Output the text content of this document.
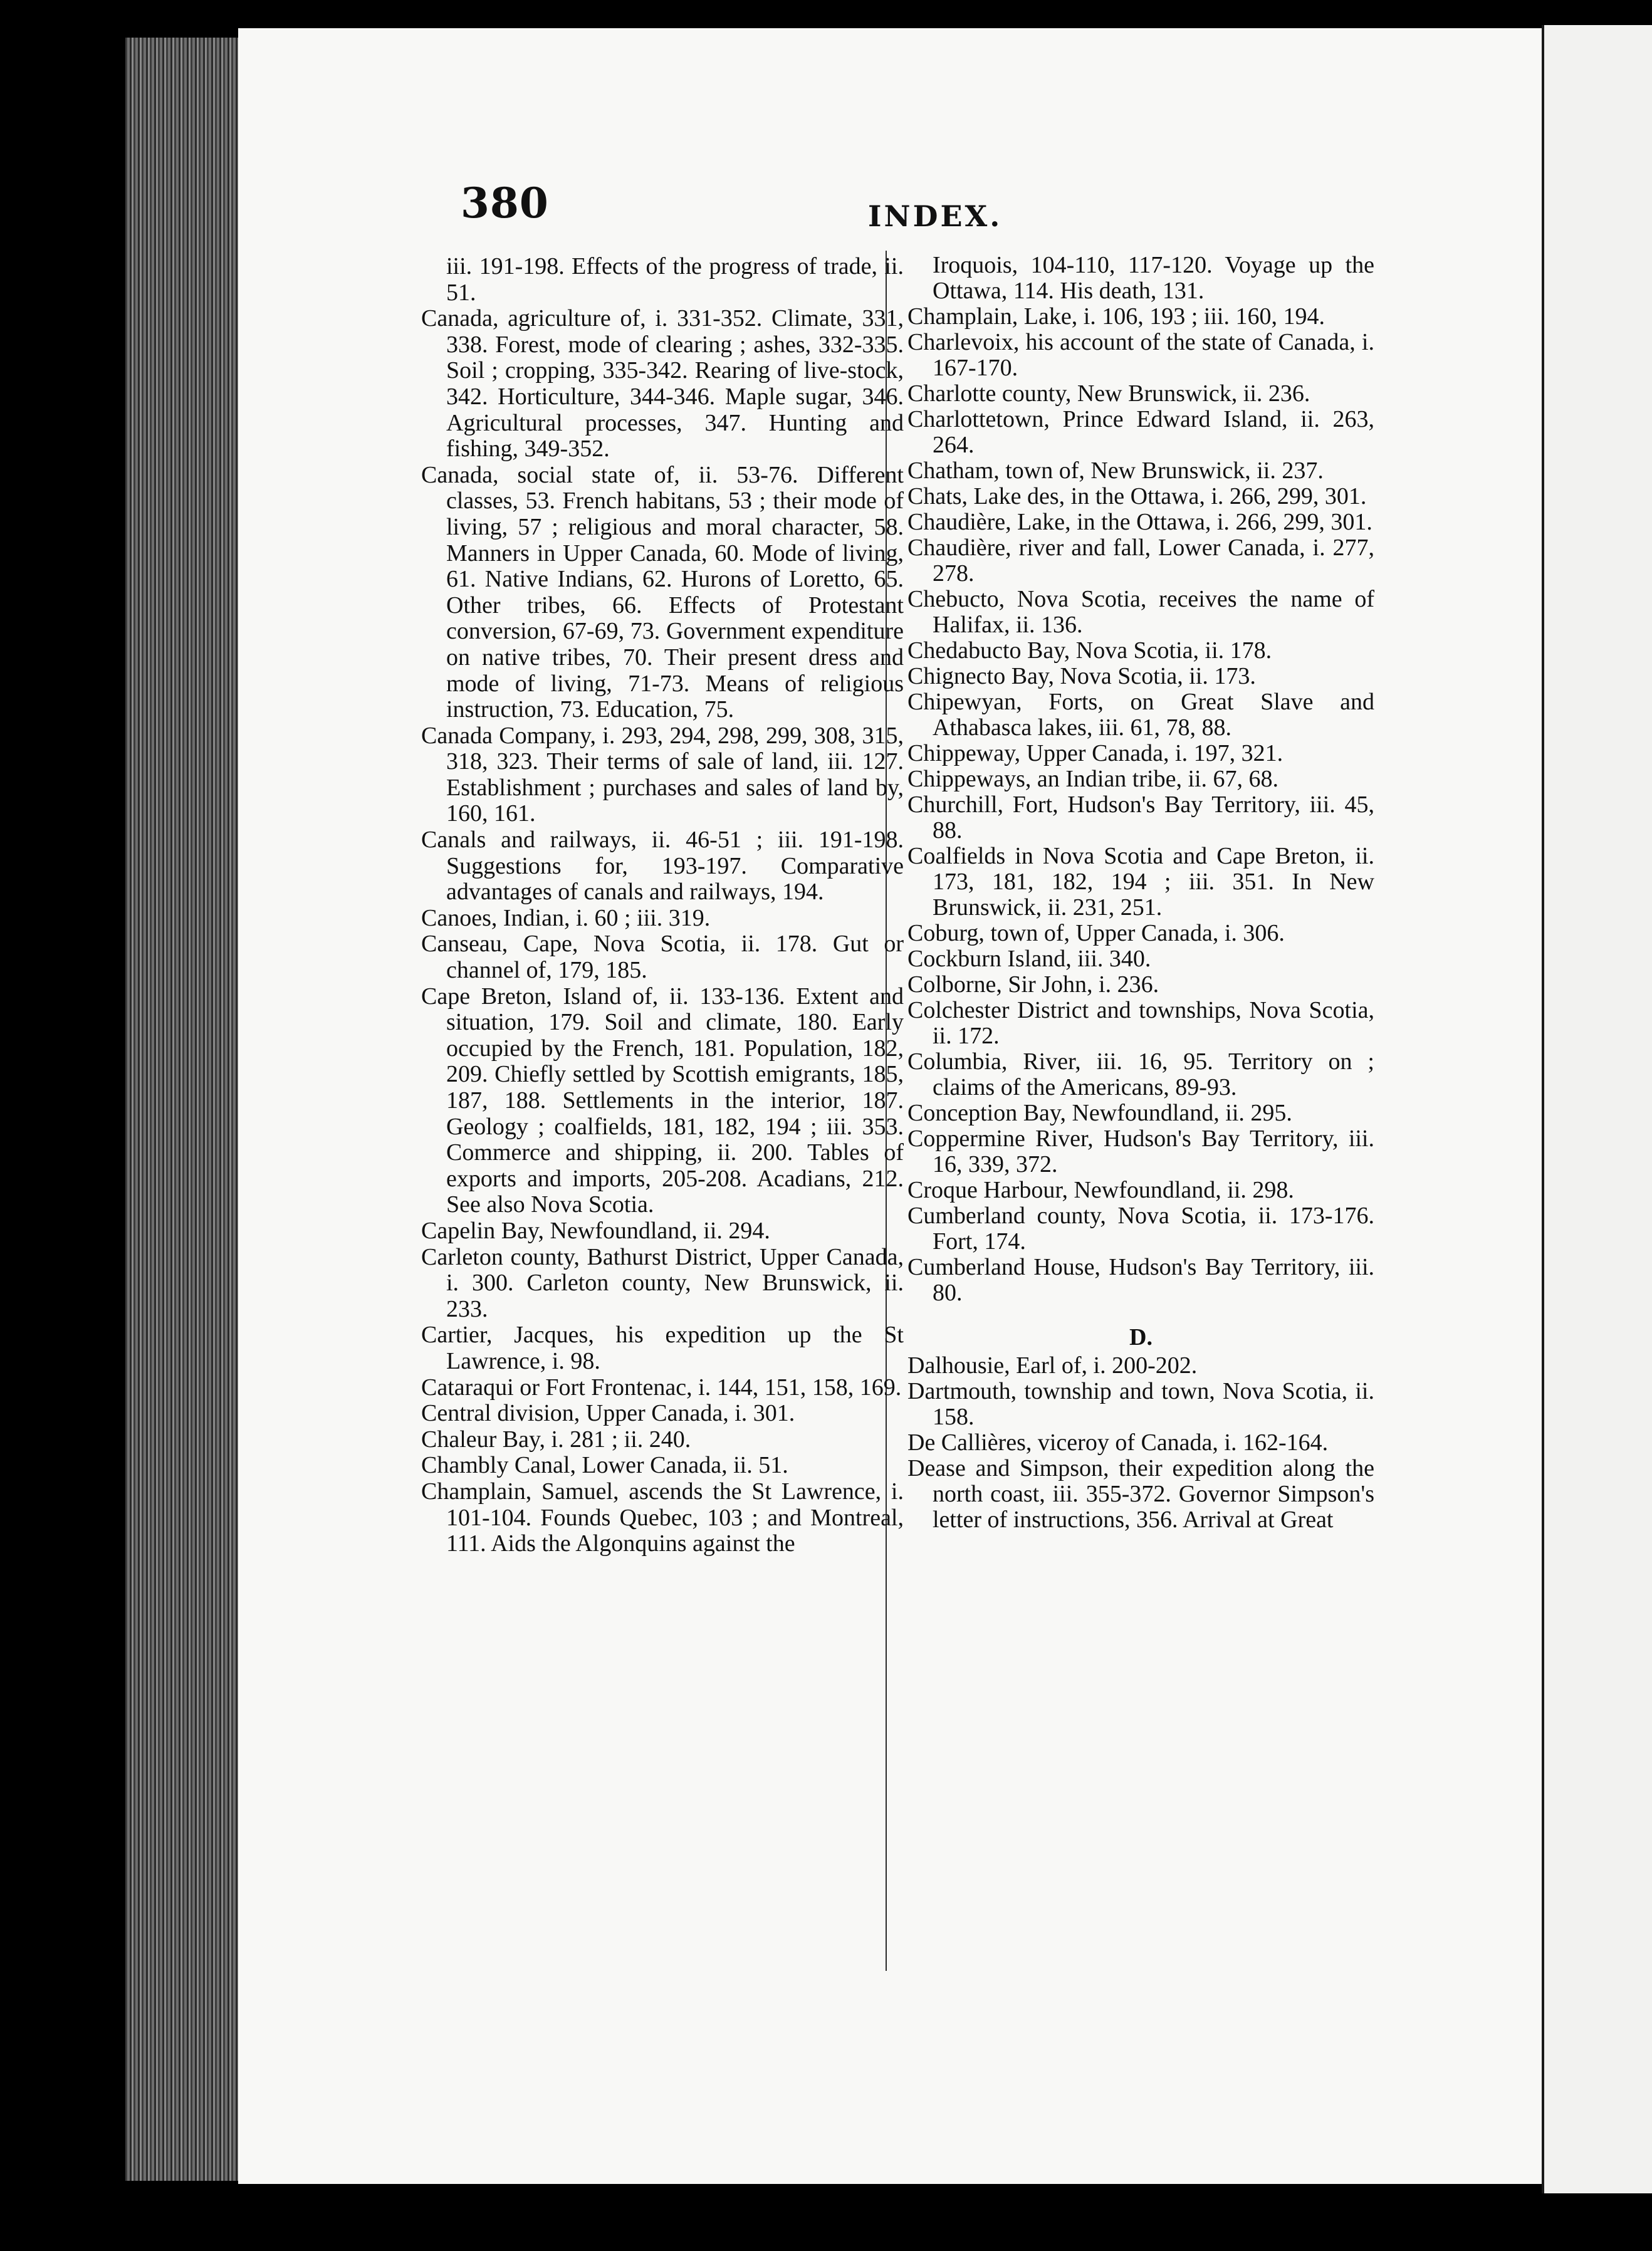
380	INDEX.

iii. 191-198. Effects of the progress of trade, ii. 51.

Canada, agriculture of, i. 331-352. Climate, 331, 338. Forest, mode of clearing ; ashes, 332-335. Soil ; cropping, 335-342. Rearing of live-stock, 342. Horticulture, 344-346. Maple sugar, 346. Agricultural processes, 347. Hunting and fishing, 349-352.

Canada, social state of, ii. 53-76. Different classes, 53. French habitans, 53 ; their mode of living, 57 ; religious and moral character, 58. Manners in Upper Canada, 60. Mode of living, 61. Native Indians, 62. Hurons of Loretto, 65. Other tribes, 66. Effects of Protestant conversion, 67-69, 73. Government expenditure on native tribes, 70. Their present dress and mode of living, 71-73. Means of religious instruction, 73. Education, 75.

Canada Company, i. 293, 294, 298, 299, 308, 315, 318, 323. Their terms of sale of land, iii. 127. Establishment ; purchases and sales of land by, 160, 161.

Canals and railways, ii. 46-51 ; iii. 191-198. Suggestions for, 193-197. Comparative advantages of canals and railways, 194.

Canoes, Indian, i. 60 ; iii. 319.

Canseau, Cape, Nova Scotia, ii. 178. Gut or channel of, 179, 185.

Cape Breton, Island of, ii. 133-136. Extent and situation, 179. Soil and climate, 180. Early occupied by the French, 181. Population, 182, 209. Chiefly settled by Scottish emigrants, 185, 187, 188. Settlements in the interior, 187. Geology ; coalfields, 181, 182, 194 ; iii. 353. Commerce and shipping, ii. 200. Tables of exports and imports, 205-208. Acadians, 212. See also Nova Scotia.

Capelin Bay, Newfoundland, ii. 294.

Carleton county, Bathurst District, Upper Canada, i. 300. Carleton county, New Brunswick, ii. 233.

Cartier, Jacques, his expedition up the St Lawrence, i. 98.

Cataraqui or Fort Frontenac, i. 144, 151, 158, 169.

Central division, Upper Canada, i. 301.

Chaleur Bay, i. 281 ; ii. 240.

Chambly Canal, Lower Canada, ii. 51.

Champlain, Samuel, ascends the St Lawrence, i. 101-104. Founds Quebec, 103 ; and Montreal, 111. Aids the Algonquins against the

Iroquois, 104-110, 117-120. Voyage up the Ottawa, 114. His death, 131.

Champlain, Lake, i. 106, 193 ; iii. 160, 194.

Charlevoix, his account of the state of Canada, i. 167-170.

Charlotte county, New Brunswick, ii. 236.

Charlottetown, Prince Edward Island, ii. 263, 264.

Chatham, town of, New Brunswick, ii. 237.

Chats, Lake des, in the Ottawa, i. 266, 299, 301.

Chaudière, Lake, in the Ottawa, i. 266, 299, 301.

Chaudière, river and fall, Lower Canada, i. 277, 278.

Chebucto, Nova Scotia, receives the name of Halifax, ii. 136.

Chedabucto Bay, Nova Scotia, ii. 178.

Chignecto Bay, Nova Scotia, ii. 173.

Chipewyan, Forts, on Great Slave and Athabasca lakes, iii. 61, 78, 88.

Chippeway, Upper Canada, i. 197, 321.

Chippeways, an Indian tribe, ii. 67, 68.

Churchill, Fort, Hudson's Bay Territory, iii. 45, 88.

Coalfields in Nova Scotia and Cape Breton, ii. 173, 181, 182, 194 ; iii. 351. In New Brunswick, ii. 231, 251.

Coburg, town of, Upper Canada, i. 306.

Cockburn Island, iii. 340.

Colborne, Sir John, i. 236.

Colchester District and townships, Nova Scotia, ii. 172.

Columbia, River, iii. 16, 95. Territory on ; claims of the Americans, 89-93.

Conception Bay, Newfoundland, ii. 295.

Coppermine River, Hudson's Bay Territory, iii. 16, 339, 372.

Croque Harbour, Newfoundland, ii. 298.

Cumberland county, Nova Scotia, ii. 173-176. Fort, 174.

Cumberland House, Hudson's Bay Territory, iii. 80.

D.

Dalhousie, Earl of, i. 200-202.

Dartmouth, township and town, Nova Scotia, ii. 158.

De Callières, viceroy of Canada, i. 162-164.

Dease and Simpson, their expedition along the north coast, iii. 355-372. Governor Simpson's letter of instructions, 356. Arrival at Great
